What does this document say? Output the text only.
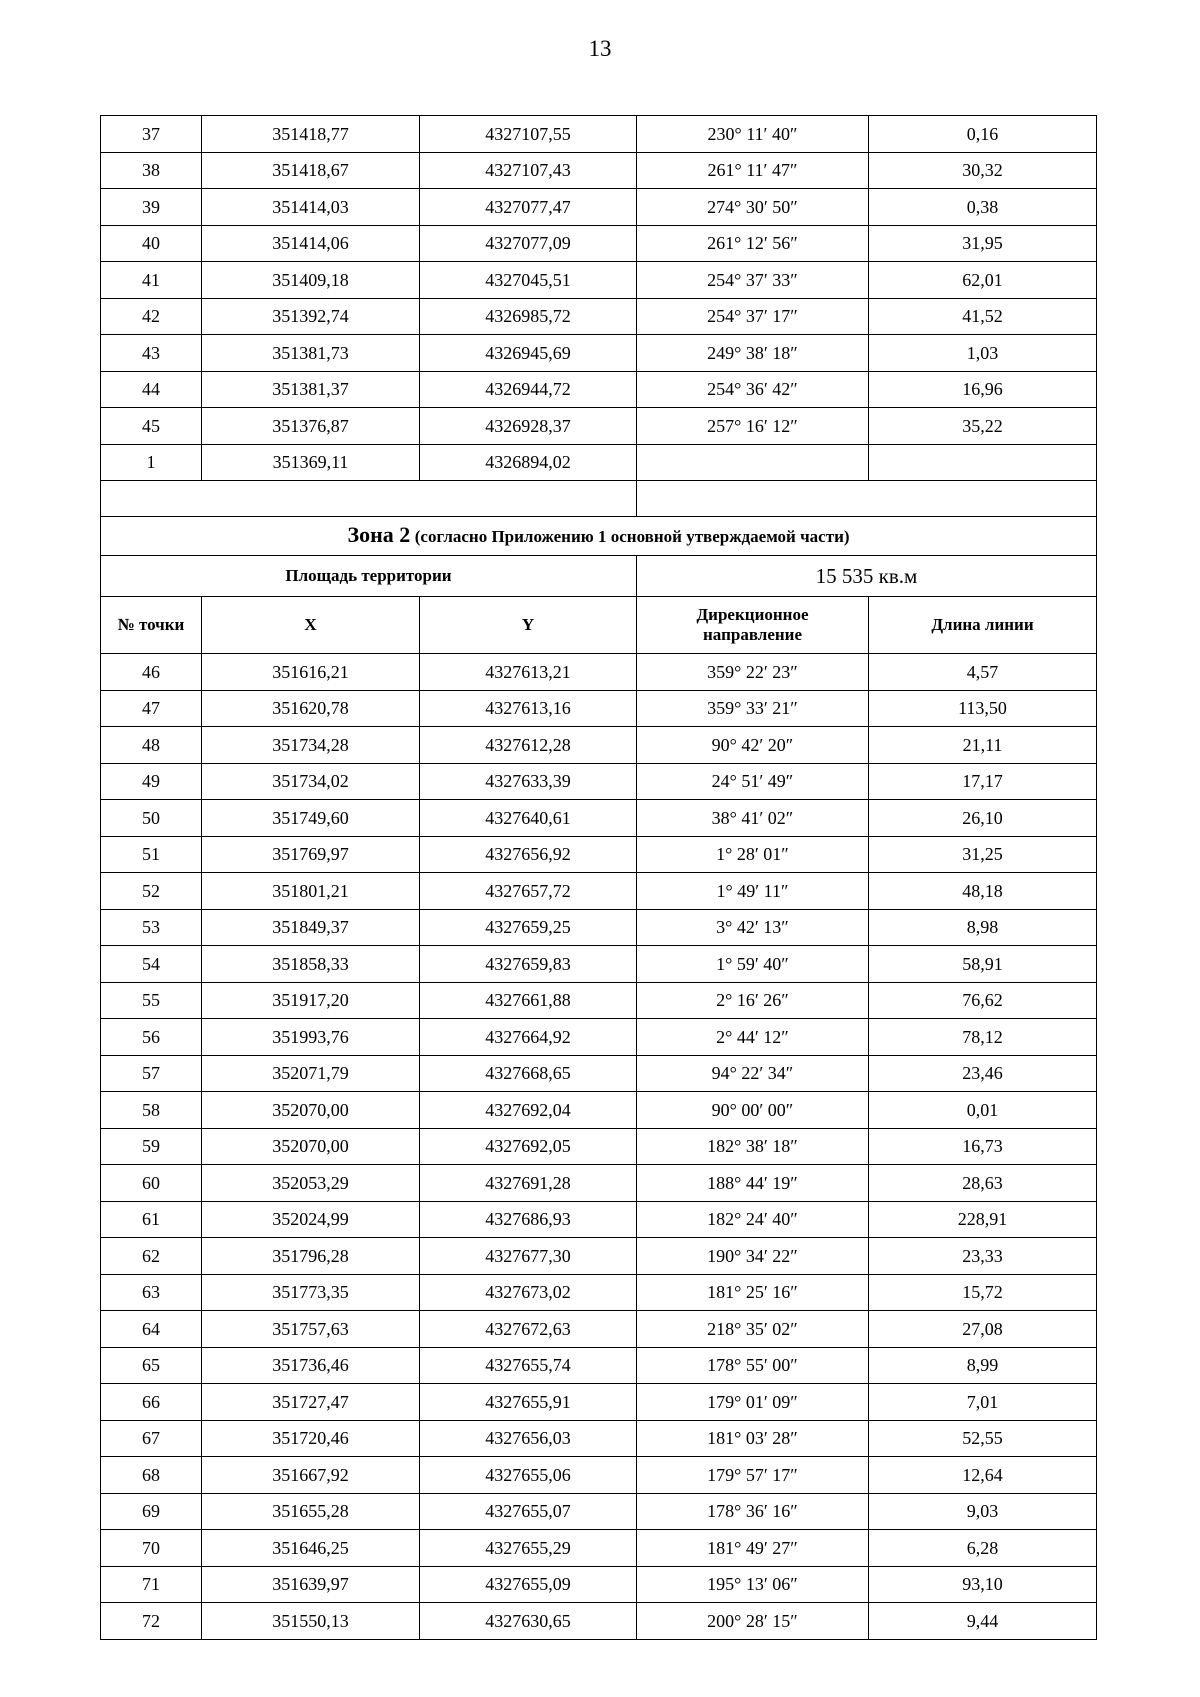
13
37	351418,77	4327107,55	230° 11′ 40″	0,16
38	351418,67	4327107,43	261° 11′ 47″	30,32
39	351414,03	4327077,47	274° 30′ 50″	0,38
40	351414,06	4327077,09	261° 12′ 56″	31,95
41	351409,18	4327045,51	254° 37′ 33″	62,01
42	351392,74	4326985,72	254° 37′ 17″	41,52
43	351381,73	4326945,69	249° 38′ 18″	1,03
44	351381,37	4326944,72	254° 36′ 42″	16,96
45	351376,87	4326928,37	257° 16′ 12″	35,22
1	351369,11	4326894,02		

Зона 2 (согласно Приложению 1 основной утверждаемой части)				
Площадь территории			15 535 кв.м	
№ точки	X	Y	Дирекционное направление	Длина линии
46	351616,21	4327613,21	359° 22′ 23″	4,57
47	351620,78	4327613,16	359° 33′ 21″	113,50
48	351734,28	4327612,28	90° 42′ 20″	21,11
49	351734,02	4327633,39	24° 51′ 49″	17,17
50	351749,60	4327640,61	38° 41′ 02″	26,10
51	351769,97	4327656,92	1° 28′ 01″	31,25
52	351801,21	4327657,72	1° 49′ 11″	48,18
53	351849,37	4327659,25	3° 42′ 13″	8,98
54	351858,33	4327659,83	1° 59′ 40″	58,91
55	351917,20	4327661,88	2° 16′ 26″	76,62
56	351993,76	4327664,92	2° 44′ 12″	78,12
57	352071,79	4327668,65	94° 22′ 34″	23,46
58	352070,00	4327692,04	90° 00′ 00″	0,01
59	352070,00	4327692,05	182° 38′ 18″	16,73
60	352053,29	4327691,28	188° 44′ 19″	28,63
61	352024,99	4327686,93	182° 24′ 40″	228,91
62	351796,28	4327677,30	190° 34′ 22″	23,33
63	351773,35	4327673,02	181° 25′ 16″	15,72
64	351757,63	4327672,63	218° 35′ 02″	27,08
65	351736,46	4327655,74	178° 55′ 00″	8,99
66	351727,47	4327655,91	179° 01′ 09″	7,01
67	351720,46	4327656,03	181° 03′ 28″	52,55
68	351667,92	4327655,06	179° 57′ 17″	12,64
69	351655,28	4327655,07	178° 36′ 16″	9,03
70	351646,25	4327655,29	181° 49′ 27″	6,28
71	351639,97	4327655,09	195° 13′ 06″	93,10
72	351550,13	4327630,65	200° 28′ 15″	9,44
